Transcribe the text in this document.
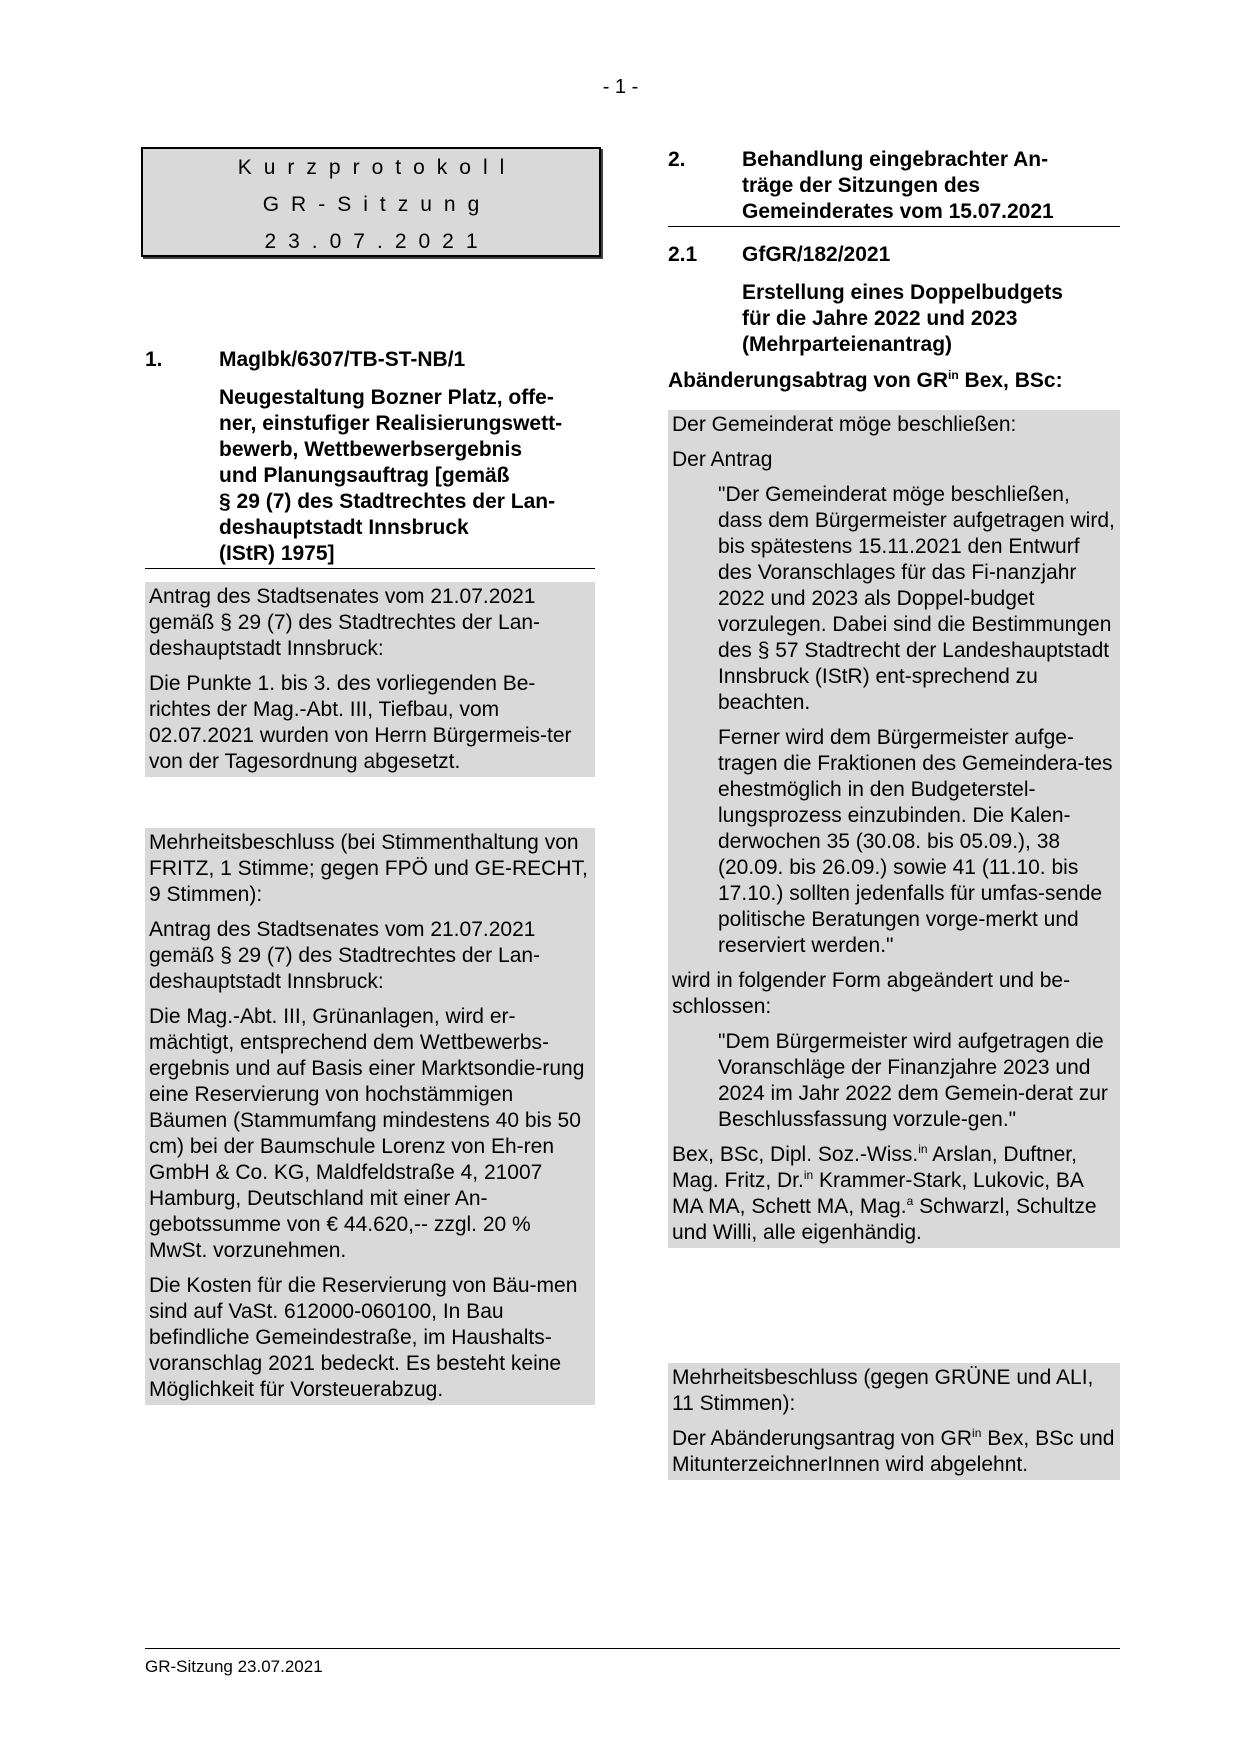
- 1 -
Kurzprotokoll
GR-Sitzung
23.07.2021
1.	MagIbk/6307/TB-ST-NB/1
Neugestaltung Bozner Platz, offe-
ner, einstufiger Realisierungswett-
bewerb, Wettbewerbsergebnis
und Planungsauftrag [gemäß
§ 29 (7) des Stadtrechtes der Lan-
deshauptstadt Innsbruck
(IStR) 1975]

Antrag des Stadtsenates vom 21.07.2021 gemäß § 29 (7) des Stadtrechtes der Lan-deshauptstadt Innsbruck:

Die Punkte 1. bis 3. des vorliegenden Be-richtes der Mag.-Abt. III, Tiefbau, vom 02.07.2021 wurden von Herrn Bürgermeis-ter von der Tagesordnung abgesetzt.

Mehrheitsbeschluss (bei Stimmenthaltung von FRITZ, 1 Stimme; gegen FPÖ und GE-RECHT, 9 Stimmen):

Antrag des Stadtsenates vom 21.07.2021 gemäß § 29 (7) des Stadtrechtes der Lan-deshauptstadt Innsbruck:

Die Mag.-Abt. III, Grünanlagen, wird er-mächtigt, entsprechend dem Wettbewerbs-ergebnis und auf Basis einer Marktsondie-rung eine Reservierung von hochstämmigen Bäumen (Stammumfang mindestens 40 bis 50 cm) bei der Baumschule Lorenz von Eh-ren GmbH & Co. KG, Maldfeldstraße 4, 21007 Hamburg, Deutschland mit einer An-gebotssumme von € 44.620,-- zzgl. 20 % MwSt. vorzunehmen.

Die Kosten für die Reservierung von Bäu-men sind auf VaSt. 612000-060100, In Bau befindliche Gemeindestraße, im Haushalts-voranschlag 2021 bedeckt. Es besteht keine Möglichkeit für Vorsteuerabzug.

2.	Behandlung eingebrachter An-
träge der Sitzungen des
Gemeinderates vom 15.07.2021
2.1 GfGR/182/2021
Erstellung eines Doppelbudgets
für die Jahre 2022 und 2023
(Mehrparteienantrag)
Abänderungsabtrag von $GR^{in}$ Bex, BSc:

Der Gemeinderat möge beschließen:

Der Antrag

"Der Gemeinderat möge beschließen, dass dem Bürgermeister aufgetragen wird, bis spätestens 15.11.2021 den Entwurf des Voranschlages für das Fi-nanzjahr 2022 und 2023 als Doppel-budget vorzulegen. Dabei sind die Bestimmungen des § 57 Stadtrecht der Landeshauptstadt Innsbruck (IStR) ent-sprechend zu beachten.

Ferner wird dem Bürgermeister aufge-tragen die Fraktionen des Gemeindera-tes ehestmöglich in den Budgeterstel-lungsprozess einzubinden. Die Kalen-derwochen 35 (30.08. bis 05.09.), 38 (20.09. bis 26.09.) sowie 41 (11.10. bis 17.10.) sollten jedenfalls für umfas-sende politische Beratungen vorge-merkt und reserviert werden."

wird in folgender Form abgeändert und be-schlossen:

"Dem Bürgermeister wird aufgetragen die Voranschläge der Finanzjahre 2023 und 2024 im Jahr 2022 dem Gemein-derat zur Beschlussfassung vorzule-gen."

Bex, BSc, Dipl. Soz.-Wiss.$^{in}$ Arslan, Duftner, Mag. Fritz, Dr.$^{in}$ Krammer-Stark, Lukovic, BA MA MA, Schett MA, Mag.$^a$ Schwarzl, Schultze und Willi, alle eigenhändig.

Mehrheitsbeschluss (gegen GRÜNE und ALI, 11 Stimmen):

Der Abänderungsantrag von $GR^{in}$ Bex, BSc und MitunterzeichnerInnen wird abgelehnt.

GR-Sitzung 23.07.2021
